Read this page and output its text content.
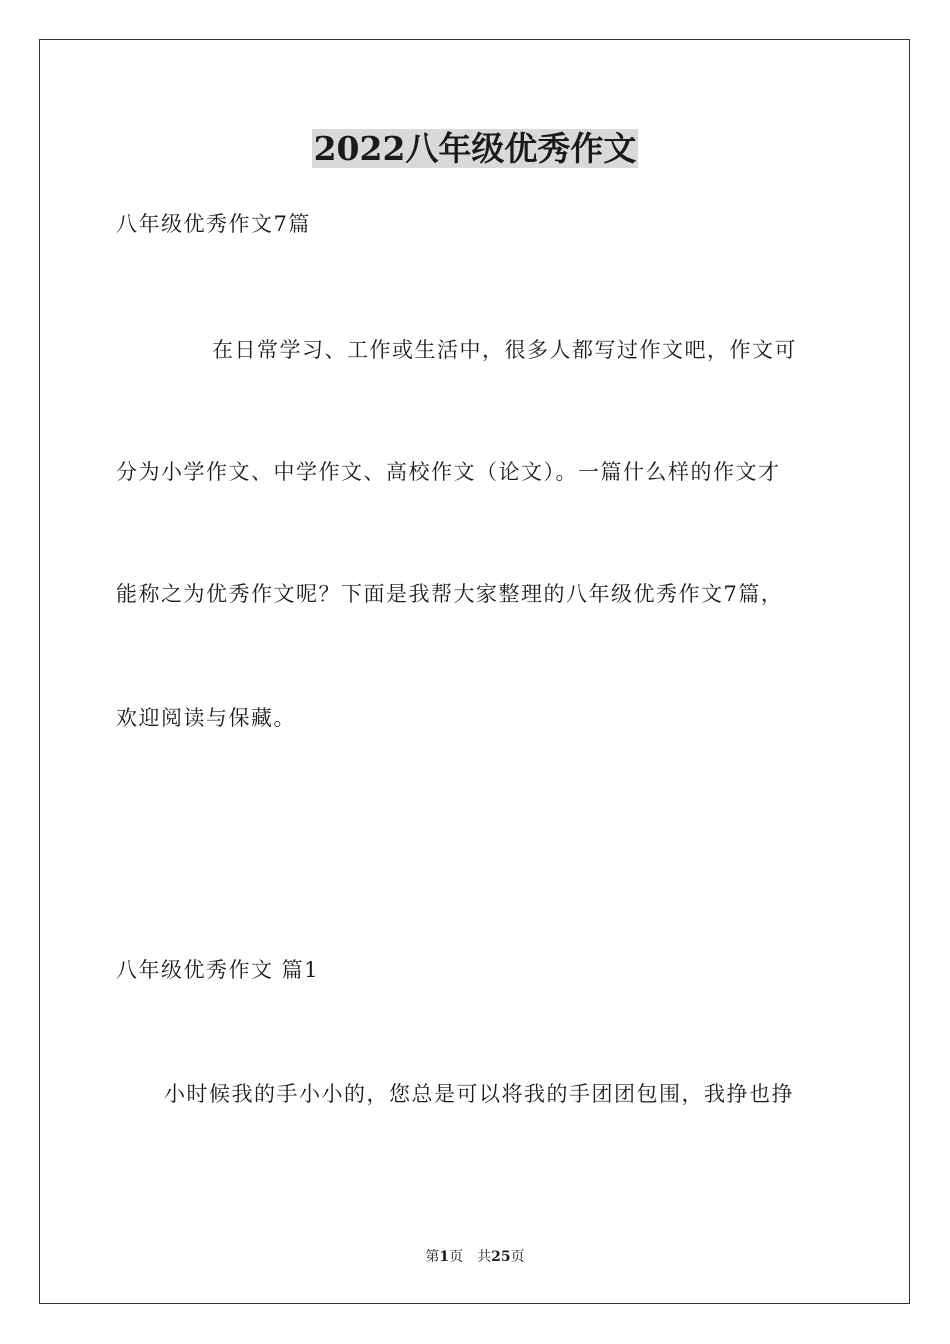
2022八年级优秀作文
八年级优秀作文7篇
在日常学习、工作或生活中，很多人都写过作文吧，作文可
分为小学作文、中学作文、高校作文（论文）。一篇什么样的作文才
能称之为优秀作文呢？下面是我帮大家整理的八年级优秀作文7篇，
欢迎阅读与保藏。
八年级优秀作文 篇1
小时候我的手小小的，您总是可以将我的手团团包围，我挣也挣
第1页 共25页
